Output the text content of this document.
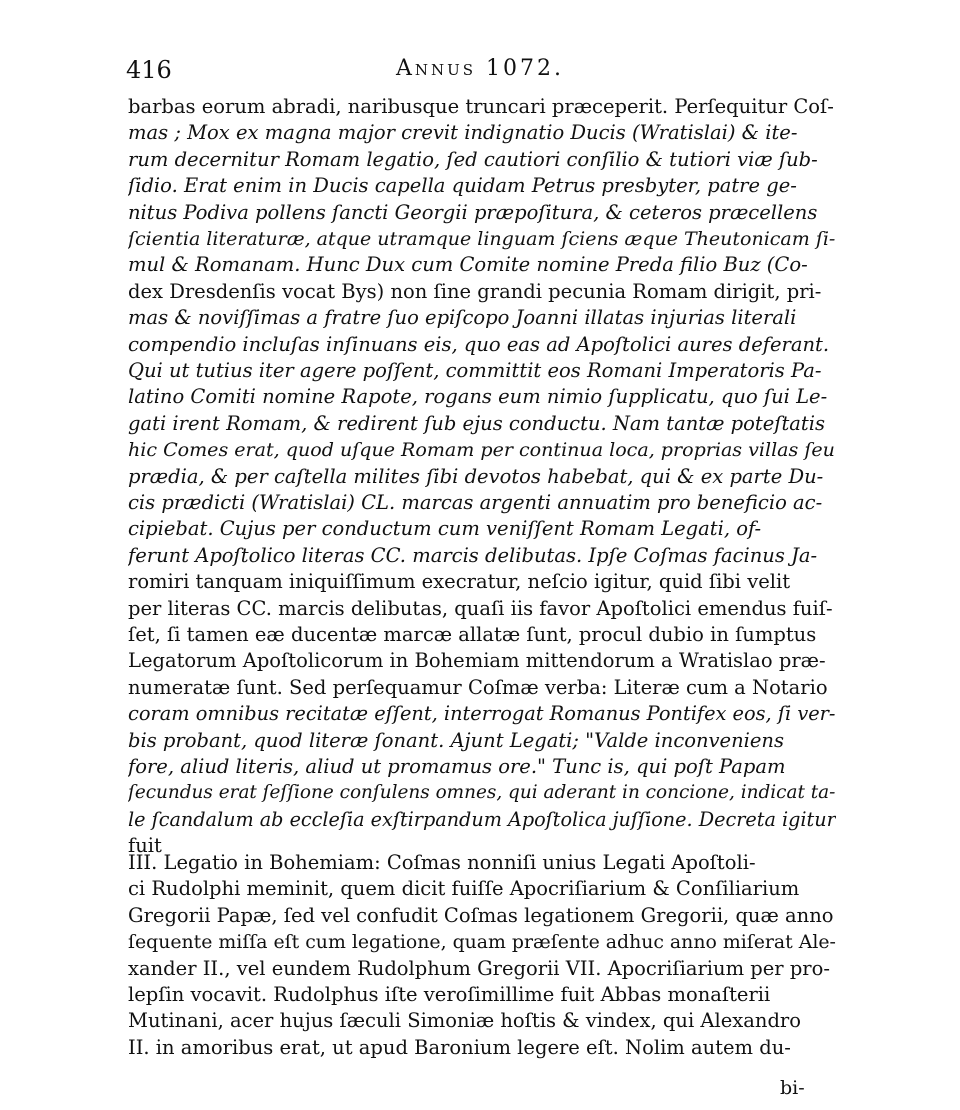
416	Annus 1072.
barbas eorum abradi, naribusque truncari præceperit. Perſequitur Coſ-
mas ; Mox ex magna major crevit indignatio Ducis (Wratislai) & ite-
rum decernitur Romam legatio, ſed cautiori conſilio & tutiori viæ ſub-
ſidio. Erat enim in Ducis capella quidam Petrus presbyter, patre ge-
nitus Podiva pollens ſancti Georgii præpoſitura, & ceteros præcellens
ſcientia literaturæ, atque utramque linguam ſciens æque Theutonicam ſi-
mul & Romanam. Hunc Dux cum Comite nomine Preda filio Buz (Co-
dex Dresdenſis vocat Bys) non ſine grandi pecunia Romam dirigit, pri-
mas & noviſſimas a fratre ſuo epiſcopo Joanni illatas injurias literali
compendio incluſas inſinuans eis, quo eas ad Apoſtolici aures deferant.
Qui ut tutius iter agere poſſent, committit eos Romani Imperatoris Pa-
latino Comiti nomine Rapote, rogans eum nimio ſupplicatu, quo ſui Le-
gati irent Romam, & redirent ſub ejus conductu. Nam tantæ poteſtatis
hic Comes erat, quod uſque Romam per continua loca, proprias villas ſeu
prædia, & per caſtella milites ſibi devotos habebat, qui & ex parte Du-
cis prædicti (Wratislai) CL. marcas argenti annuatim pro beneficio ac-
cipiebat. Cujus per conductum cum veniſſent Romam Legati, of-
ferunt Apoſtolico literas CC. marcis delibutas. Ipſe Coſmas facinus Ja-
romiri tanquam iniquiſſimum execratur, neſcio igitur, quid ſibi velit
per literas CC. marcis delibutas, quaſi iis favor Apoſtolici emendus fuiſ-
ſet, ſi tamen eæ ducentæ marcæ allatæ ſunt, procul dubio in ſumptus
Legatorum Apoſtolicorum in Bohemiam mittendorum a Wratislao præ-
numeratæ ſunt. Sed perſequamur Coſmæ verba: Literæ cum a Notario
coram omnibus recitatæ eſſent, interrogat Romanus Pontifex eos, ſi ver-
bis probant, quod literæ ſonant. Ajunt Legati; "Valde inconveniens
fore, aliud literis, aliud ut promamus ore." Tunc is, qui poſt Papam
ſecundus erat ſeſſione conſulens omnes, qui aderant in concione, indicat ta-
le ſcandalum ab eccleſia exſtirpandum Apoſtolica juſſione. Decreta igitur
fuit
III. Legatio in Bohemiam: Coſmas nonniſi unius Legati Apoſtoli-
ci Rudolphi meminit, quem dicit fuiſſe Apocriſiarium & Conſiliarium
Gregorii Papæ, ſed vel confudit Coſmas legationem Gregorii, quæ anno
ſequente miſſa eſt cum legatione, quam præſente adhuc anno miſerat Ale-
xander II., vel eundem Rudolphum Gregorii VII. Apocriſiarium per pro-
lepſin vocavit. Rudolphus iſte veroſimillime fuit Abbas monaſterii
Mutinani, acer hujus ſæculi Simoniæ hoſtis & vindex, qui Alexandro
II. in amoribus erat, ut apud Baronium legere eſt. Nolim autem du-
bi-
